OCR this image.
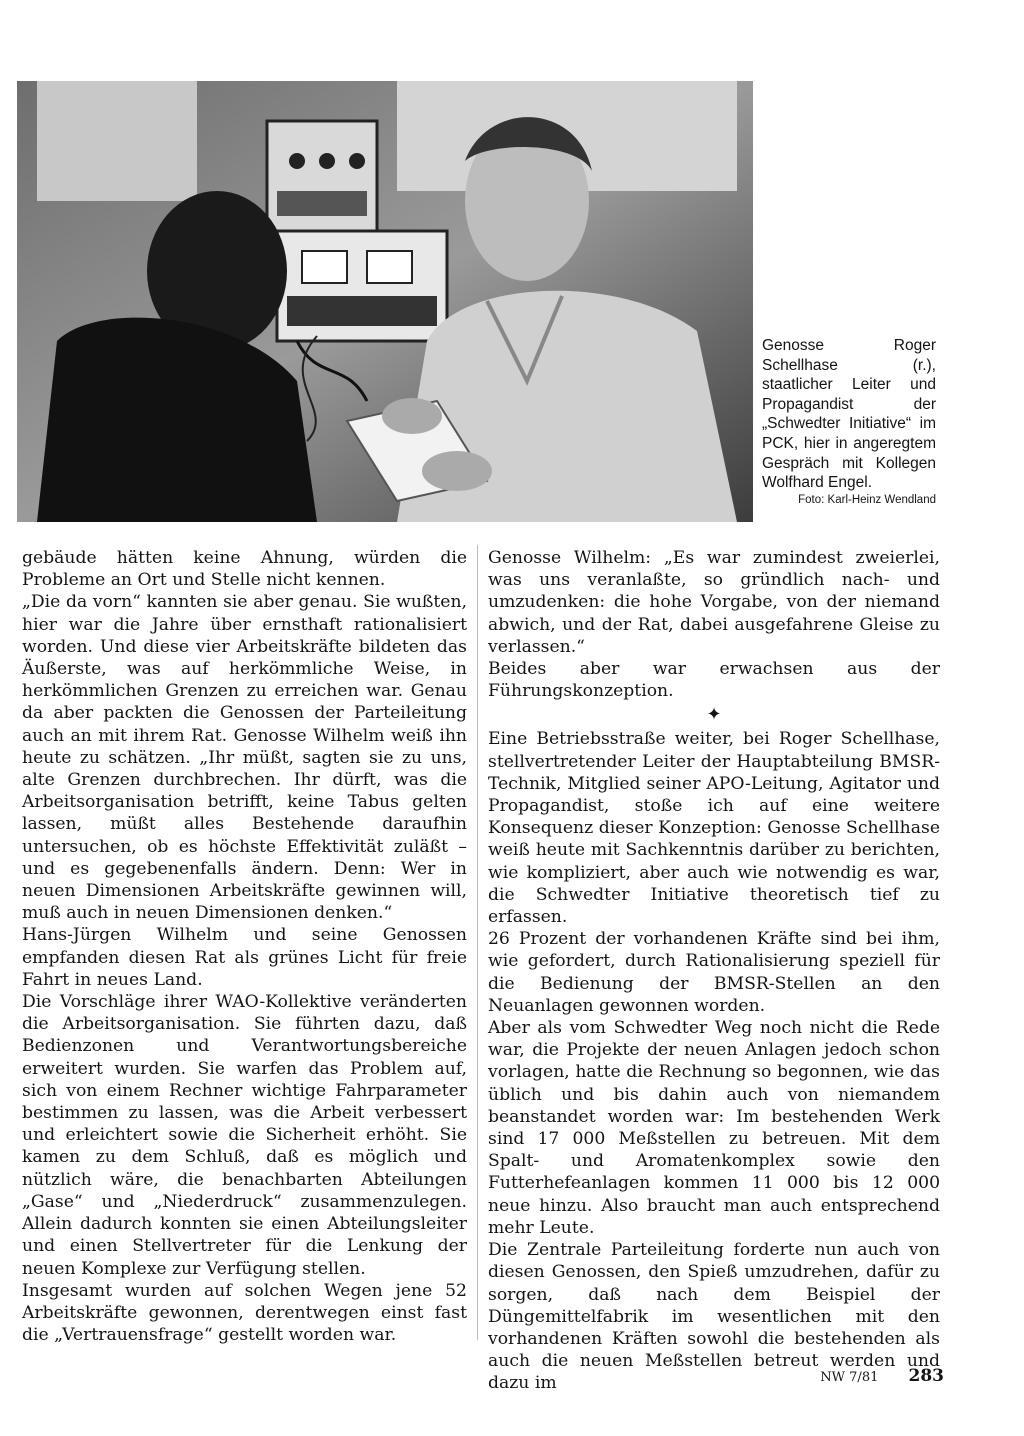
Genosse Roger Schellhase (r.), staatlicher Leiter und Propagandist der „Schwedter Initiative“ im PCK, hier in angeregtem Gespräch mit Kollegen Wolfhard Engel.
Foto: Karl-Heinz Wendland

gebäude hätten keine Ahnung, würden die Probleme an Ort und Stelle nicht kennen.

„Die da vorn“ kannten sie aber genau. Sie wußten, hier war die Jahre über ernsthaft rationalisiert worden. Und diese vier Arbeitskräfte bildeten das Äußerste, was auf herkömmliche Weise, in herkömmlichen Grenzen zu erreichen war. Genau da aber packten die Genossen der Parteileitung auch an mit ihrem Rat. Genosse Wilhelm weiß ihn heute zu schätzen. „Ihr müßt, sagten sie zu uns, alte Grenzen durchbrechen. Ihr dürft, was die Arbeitsorganisation betrifft, keine Tabus gelten lassen, müßt alles Bestehende daraufhin untersuchen, ob es höchste Effektivität zuläßt – und es gegebenenfalls ändern. Denn: Wer in neuen Dimensionen Arbeitskräfte gewinnen will, muß auch in neuen Dimensionen denken.“

Hans-Jürgen Wilhelm und seine Genossen empfanden diesen Rat als grünes Licht für freie Fahrt in neues Land.

Die Vorschläge ihrer WAO-Kollektive veränderten die Arbeitsorganisation. Sie führten dazu, daß Bedienzonen und Verantwortungsbereiche erweitert wurden. Sie warfen das Problem auf, sich von einem Rechner wichtige Fahrparameter bestimmen zu lassen, was die Arbeit verbessert und erleichtert sowie die Sicherheit erhöht. Sie kamen zu dem Schluß, daß es möglich und nützlich wäre, die benachbarten Abteilungen „Gase“ und „Niederdruck“ zusammenzulegen. Allein dadurch konnten sie einen Abteilungsleiter und einen Stellvertreter für die Lenkung der neuen Komplexe zur Verfügung stellen.

Insgesamt wurden auf solchen Wegen jene 52 Arbeitskräfte gewonnen, derentwegen einst fast die „Vertrauensfrage“ gestellt worden war.

Genosse Wilhelm: „Es war zumindest zweierlei, was uns veranlaßte, so gründlich nach- und umzudenken: die hohe Vorgabe, von der niemand abwich, und der Rat, dabei ausgefahrene Gleise zu verlassen.“

Beides aber war erwachsen aus der Führungskonzeption.

✦

Eine Betriebsstraße weiter, bei Roger Schellhase, stellvertretender Leiter der Hauptabteilung BMSR-Technik, Mitglied seiner APO-Leitung, Agitator und Propagandist, stoße ich auf eine weitere Konsequenz dieser Konzeption: Genosse Schellhase weiß heute mit Sachkenntnis darüber zu berichten, wie kompliziert, aber auch wie notwendig es war, die Schwedter Initiative theoretisch tief zu erfassen.

26 Prozent der vorhandenen Kräfte sind bei ihm, wie gefordert, durch Rationalisierung speziell für die Bedienung der BMSR-Stellen an den Neuanlagen gewonnen worden.

Aber als vom Schwedter Weg noch nicht die Rede war, die Projekte der neuen Anlagen jedoch schon vorlagen, hatte die Rechnung so begonnen, wie das üblich und bis dahin auch von niemandem beanstandet worden war: Im bestehenden Werk sind 17 000 Meßstellen zu betreuen. Mit dem Spalt- und Aromatenkomplex sowie den Futterhefeanlagen kommen 11 000 bis 12 000 neue hinzu. Also braucht man auch entsprechend mehr Leute.

Die Zentrale Parteileitung forderte nun auch von diesen Genossen, den Spieß umzudrehen, dafür zu sorgen, daß nach dem Beispiel der Düngemittelfabrik im wesentlichen mit den vorhandenen Kräften sowohl die bestehenden als auch die neuen Meßstellen betreut werden und dazu im	NW 7/81 283
